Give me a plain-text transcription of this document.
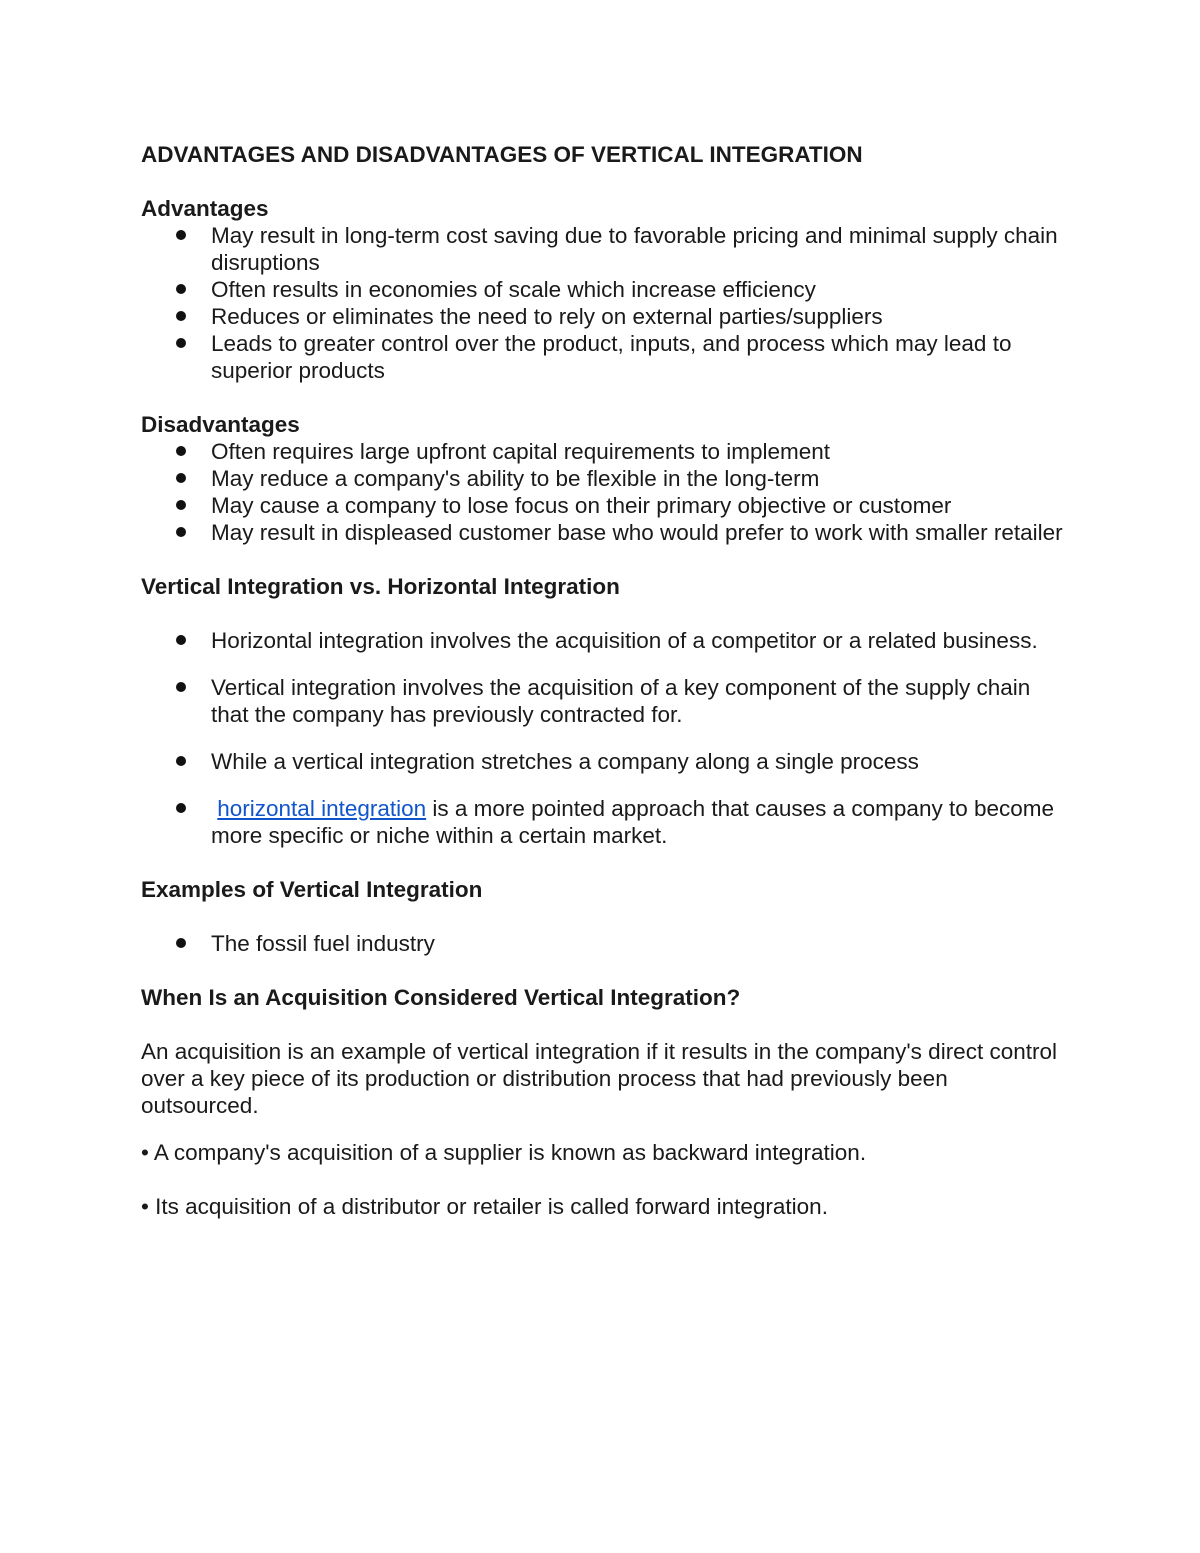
ADVANTAGES AND DISADVANTAGES OF VERTICAL INTEGRATION
Advantages
May result in long-term cost saving due to favorable pricing and minimal supply chain disruptions
Often results in economies of scale which increase efficiency
Reduces or eliminates the need to rely on external parties/suppliers
Leads to greater control over the product, inputs, and process which may lead to superior products
Disadvantages
Often requires large upfront capital requirements to implement
May reduce a company's ability to be flexible in the long-term
May cause a company to lose focus on their primary objective or customer
May result in displeased customer base who would prefer to work with smaller retailer
Vertical Integration vs. Horizontal Integration
Horizontal integration involves the acquisition of a competitor or a related business.
Vertical integration involves the acquisition of a key component of the supply chain that the company has previously contracted for.
While a vertical integration stretches a company along a single process
horizontal integration is a more pointed approach that causes a company to become more specific or niche within a certain market.
Examples of Vertical Integration
The fossil fuel industry
When Is an Acquisition Considered Vertical Integration?

An acquisition is an example of vertical integration if it results in the company's direct control over a key piece of its production or distribution process that had previously been outsourced.

• A company's acquisition of a supplier is known as backward integration.

• Its acquisition of a distributor or retailer is called forward integration.
